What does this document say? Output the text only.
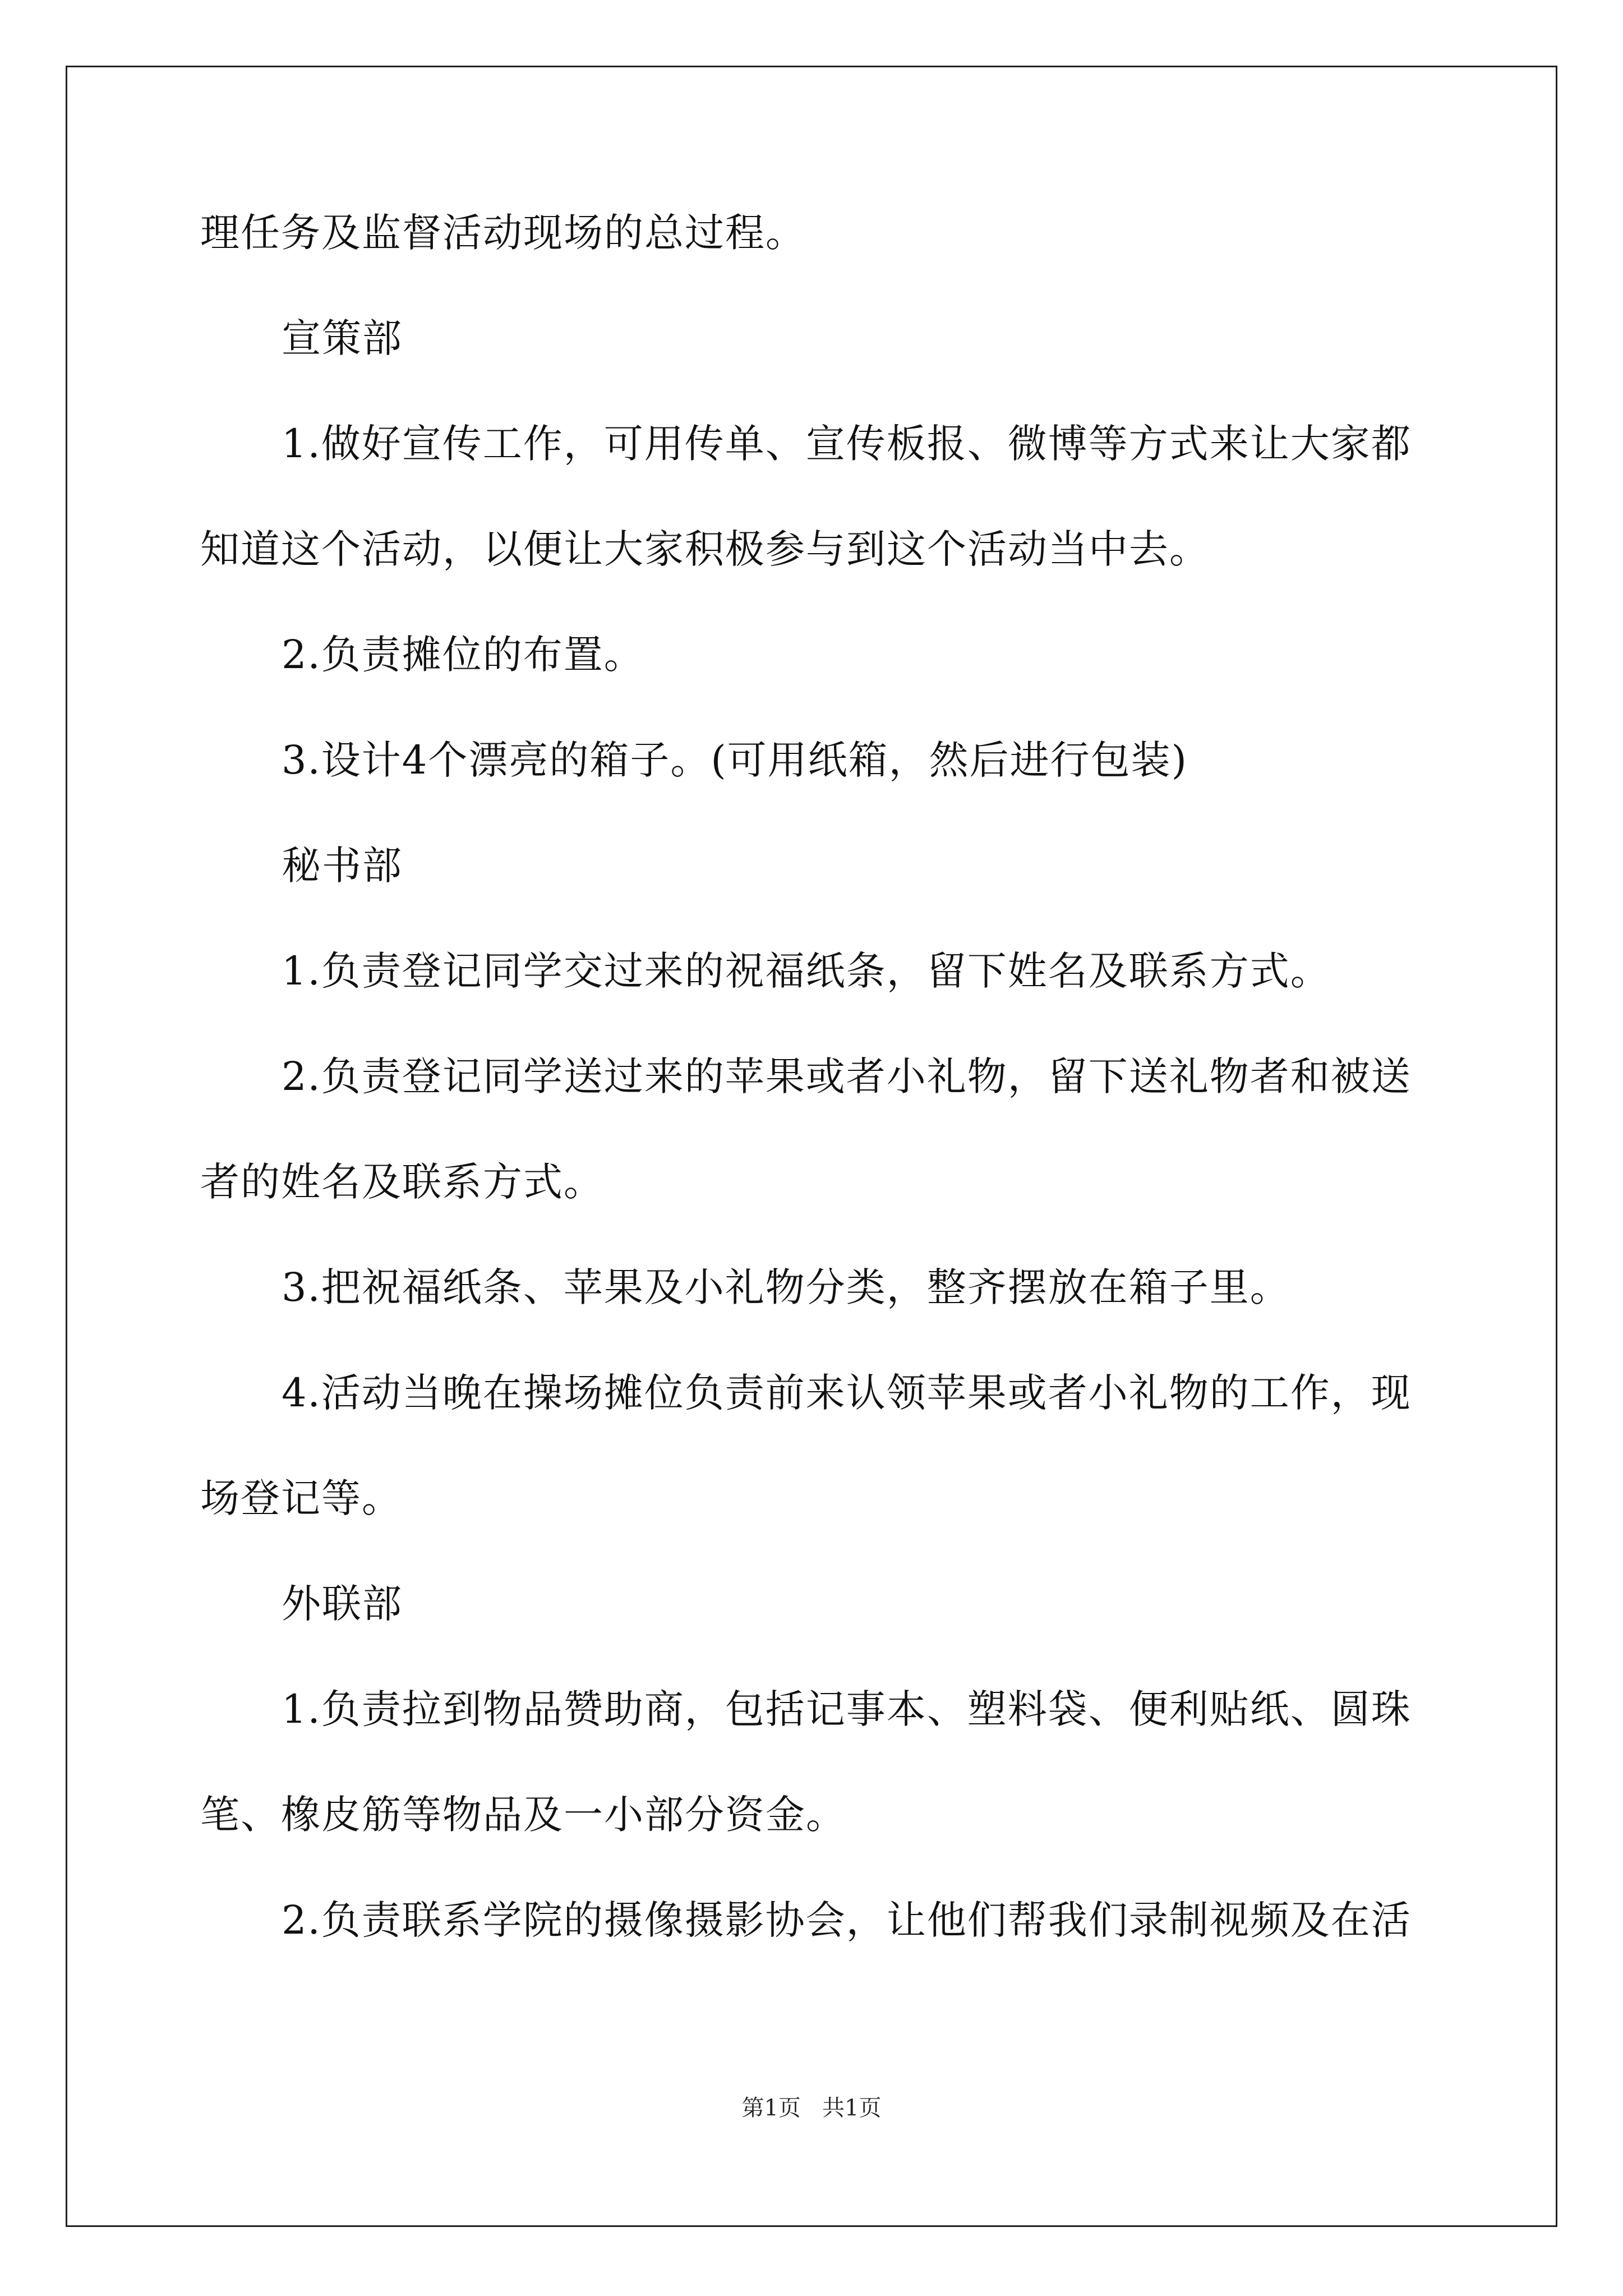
理任务及监督活动现场的总过程。
宣策部
1.做好宣传工作，可用传单、宣传板报、微博等方式来让大家都
知道这个活动，以便让大家积极参与到这个活动当中去。
2.负责摊位的布置。
3.设计4个漂亮的箱子。(可用纸箱，然后进行包装)
秘书部
1.负责登记同学交过来的祝福纸条，留下姓名及联系方式。
2.负责登记同学送过来的苹果或者小礼物，留下送礼物者和被送
者的姓名及联系方式。
3.把祝福纸条、苹果及小礼物分类，整齐摆放在箱子里。
4.活动当晚在操场摊位负责前来认领苹果或者小礼物的工作，现
场登记等。
外联部
1.负责拉到物品赞助商，包括记事本、塑料袋、便利贴纸、圆珠
笔、橡皮筋等物品及一小部分资金。
2.负责联系学院的摄像摄影协会，让他们帮我们录制视频及在活
第1页   共1页
